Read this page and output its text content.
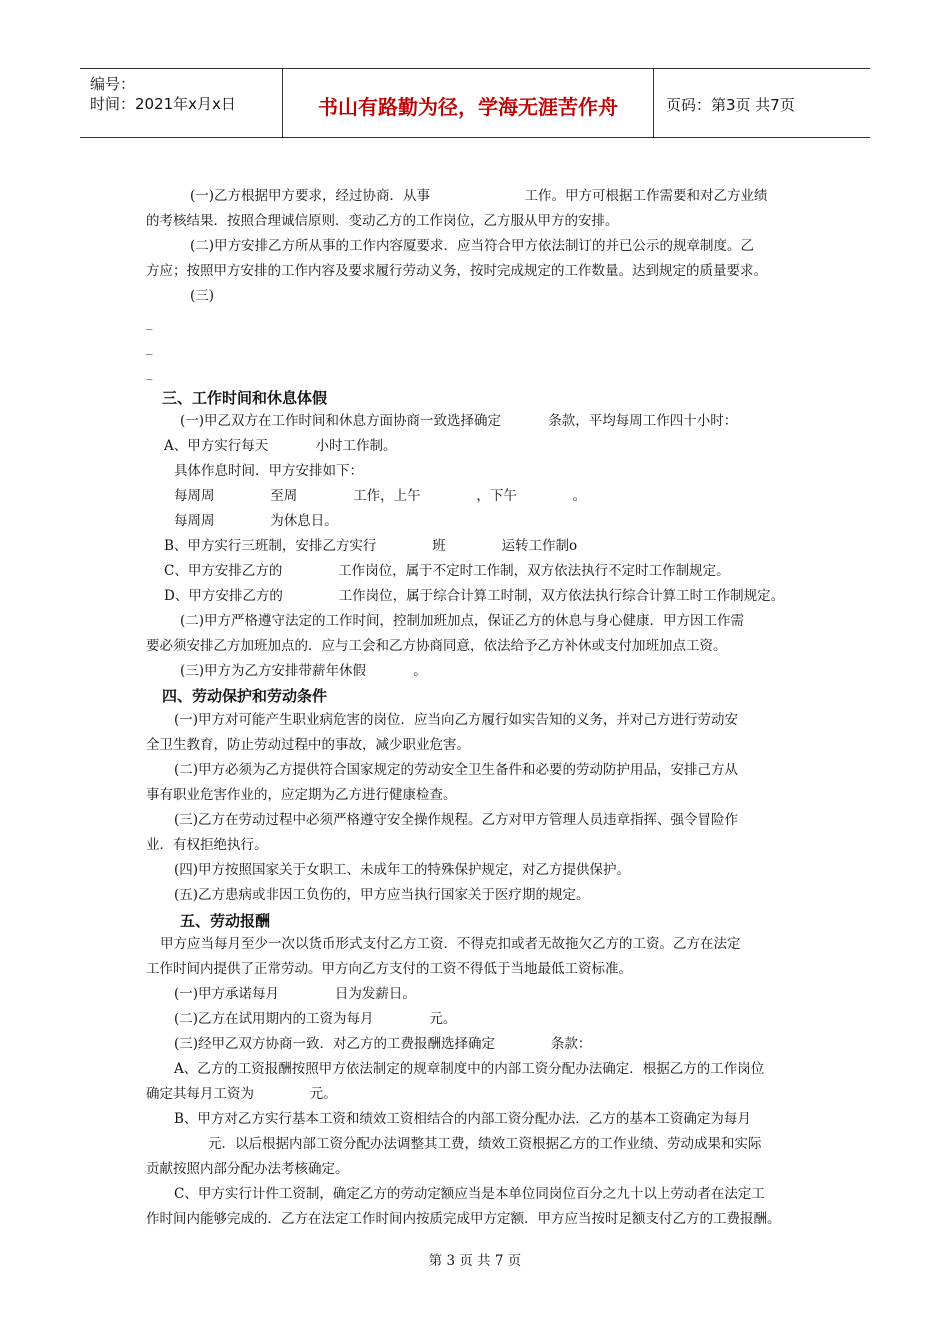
编号：
时间：2021年x月x日	书山有路勤为径，学海无涯苦作舟	页码：第3页 共7页
(一)乙方根据甲方要求，经过协商．从事                      工作。甲方可根据工作需要和对乙方业绩
的考核结果．按照合理诚信原则．变动乙方的工作岗位，乙方服从甲方的安排。
(二)甲方安排乙方所从事的工作内容厦要求．应当符合甲方依法制订的并已公示的规章制度。乙
方应；按照甲方安排的工作内容及要求履行劳动义务，按时完成规定的工作数量。达到规定的质量要求。
(三)
_
_
_
三、工作时间和休息体假
(一)甲乙双方在工作时间和休息方面协商一致选择确定           条款，平均每周工作四十小时：
A、甲方实行每天           小时工作制。
具体作息时间．甲方安排如下：
每周周             至周             工作，上午             ，下午             。
每周周             为休息日。
B、甲方实行三班制，安排乙方实行             班             运转工作制o
C、甲方安排乙方的             工作岗位，属于不定时工作制，双方依法执行不定时工作制规定。
D、甲方安排乙方的             工作岗位，属于综合计算工时制，双方依法执行综合计算工时工作制规定。
(二)甲方严格遵守法定的工作时间，控制加班加点，保证乙方的休息与身心健康．甲方因工作需
要必须安排乙方加班加点的．应与工会和乙方协商同意，依法给予乙方补休或支付加班加点工资。
(三)甲方为乙方安排带薪年休假           。
四、劳动保护和劳动条件
(一)甲方对可能产生职业病危害的岗位．应当向乙方履行如实告知的义务，并对己方进行劳动安
全卫生教育，防止劳动过程中的事故，减少职业危害。
(二)甲方必须为乙方提供符合国家规定的劳动安全卫生备件和必要的劳动防护用品，安排己方从
事有职业危害作业的，应定期为乙方进行健康检查。
(三)乙方在劳动过程中必须严格遵守安全操作规程。乙方对甲方管理人员违章指挥、强令冒险作
业．有权拒绝执行。
(四)甲方按照国家关于女职工、未成年工的特殊保护规定，对乙方提供保护。
(五)乙方患病或非因工负伤的，甲方应当执行国家关于医疗期的规定。
五、劳动报酬
甲方应当每月至少一次以货币形式支付乙方工资．不得克扣或者无故拖欠乙方的工资。乙方在法定
工作时间内提供了正常劳动。甲方向乙方支付的工资不得低于当地最低工资标准。
(一)甲方承诺每月             日为发薪日。
(二)乙方在试用期内的工资为每月             元。
(三)经甲乙双方协商一致．对乙方的工费报酬选择确定             条款：
A、乙方的工资报酬按照甲方依法制定的规章制度中的内部工资分配办法确定．根据乙方的工作岗位
确定其每月工资为             元。
B、甲方对乙方实行基本工资和绩效工资相结合的内部工资分配办法．乙方的基本工资确定为每月
元．以后根据内部工资分配办法调整其工费，绩效工资根据乙方的工作业绩、劳动成果和实际
贡献按照内部分配办法考核确定。
C、甲方实行计件工资制，确定乙方的劳动定额应当是本单位同岗位百分之九十以上劳动者在法定工
作时间内能够完成的．乙方在法定工作时间内按质完成甲方定额．甲方应当按时足额支付乙方的工费报酬。
第 3 页 共 7 页
